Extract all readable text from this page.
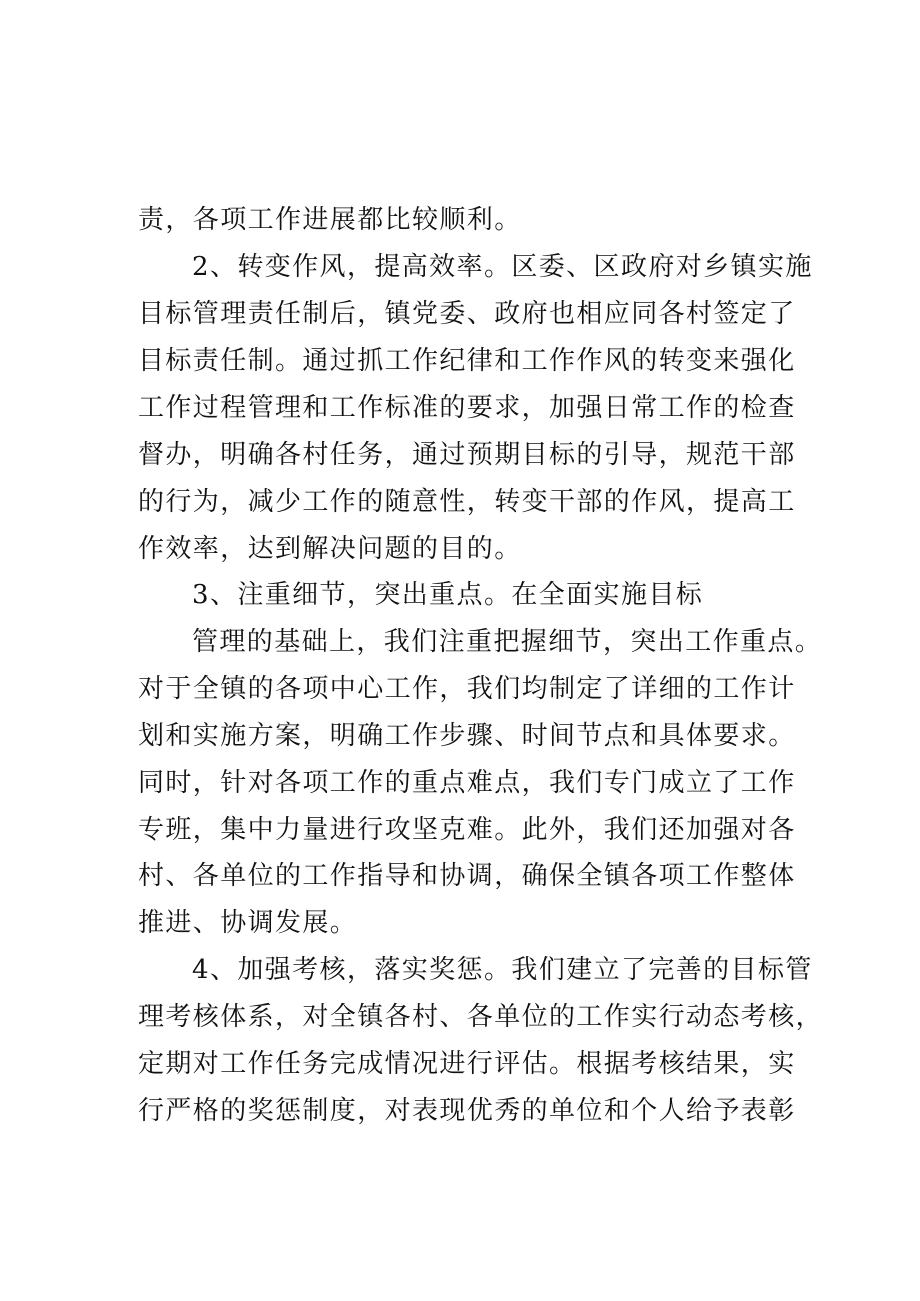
责，各项工作进展都比较顺利。

2、转变作风，提高效率。区委、区政府对乡镇实施

目标管理责任制后，镇党委、政府也相应同各村签定了

目标责任制。通过抓工作纪律和工作作风的转变来强化

工作过程管理和工作标准的要求，加强日常工作的检查

督办，明确各村任务，通过预期目标的引导，规范干部

的行为，减少工作的随意性，转变干部的作风，提高工

作效率，达到解决问题的目的。

3、注重细节，突出重点。在全面实施目标

管理的基础上，我们注重把握细节，突出工作重点。

对于全镇的各项中心工作，我们均制定了详细的工作计

划和实施方案，明确工作步骤、时间节点和具体要求。

同时，针对各项工作的重点难点，我们专门成立了工作

专班，集中力量进行攻坚克难。此外，我们还加强对各

村、各单位的工作指导和协调，确保全镇各项工作整体

推进、协调发展。

4、加强考核，落实奖惩。我们建立了完善的目标管

理考核体系，对全镇各村、各单位的工作实行动态考核，

定期对工作任务完成情况进行评估。根据考核结果，实

行严格的奖惩制度，对表现优秀的单位和个人给予表彰
